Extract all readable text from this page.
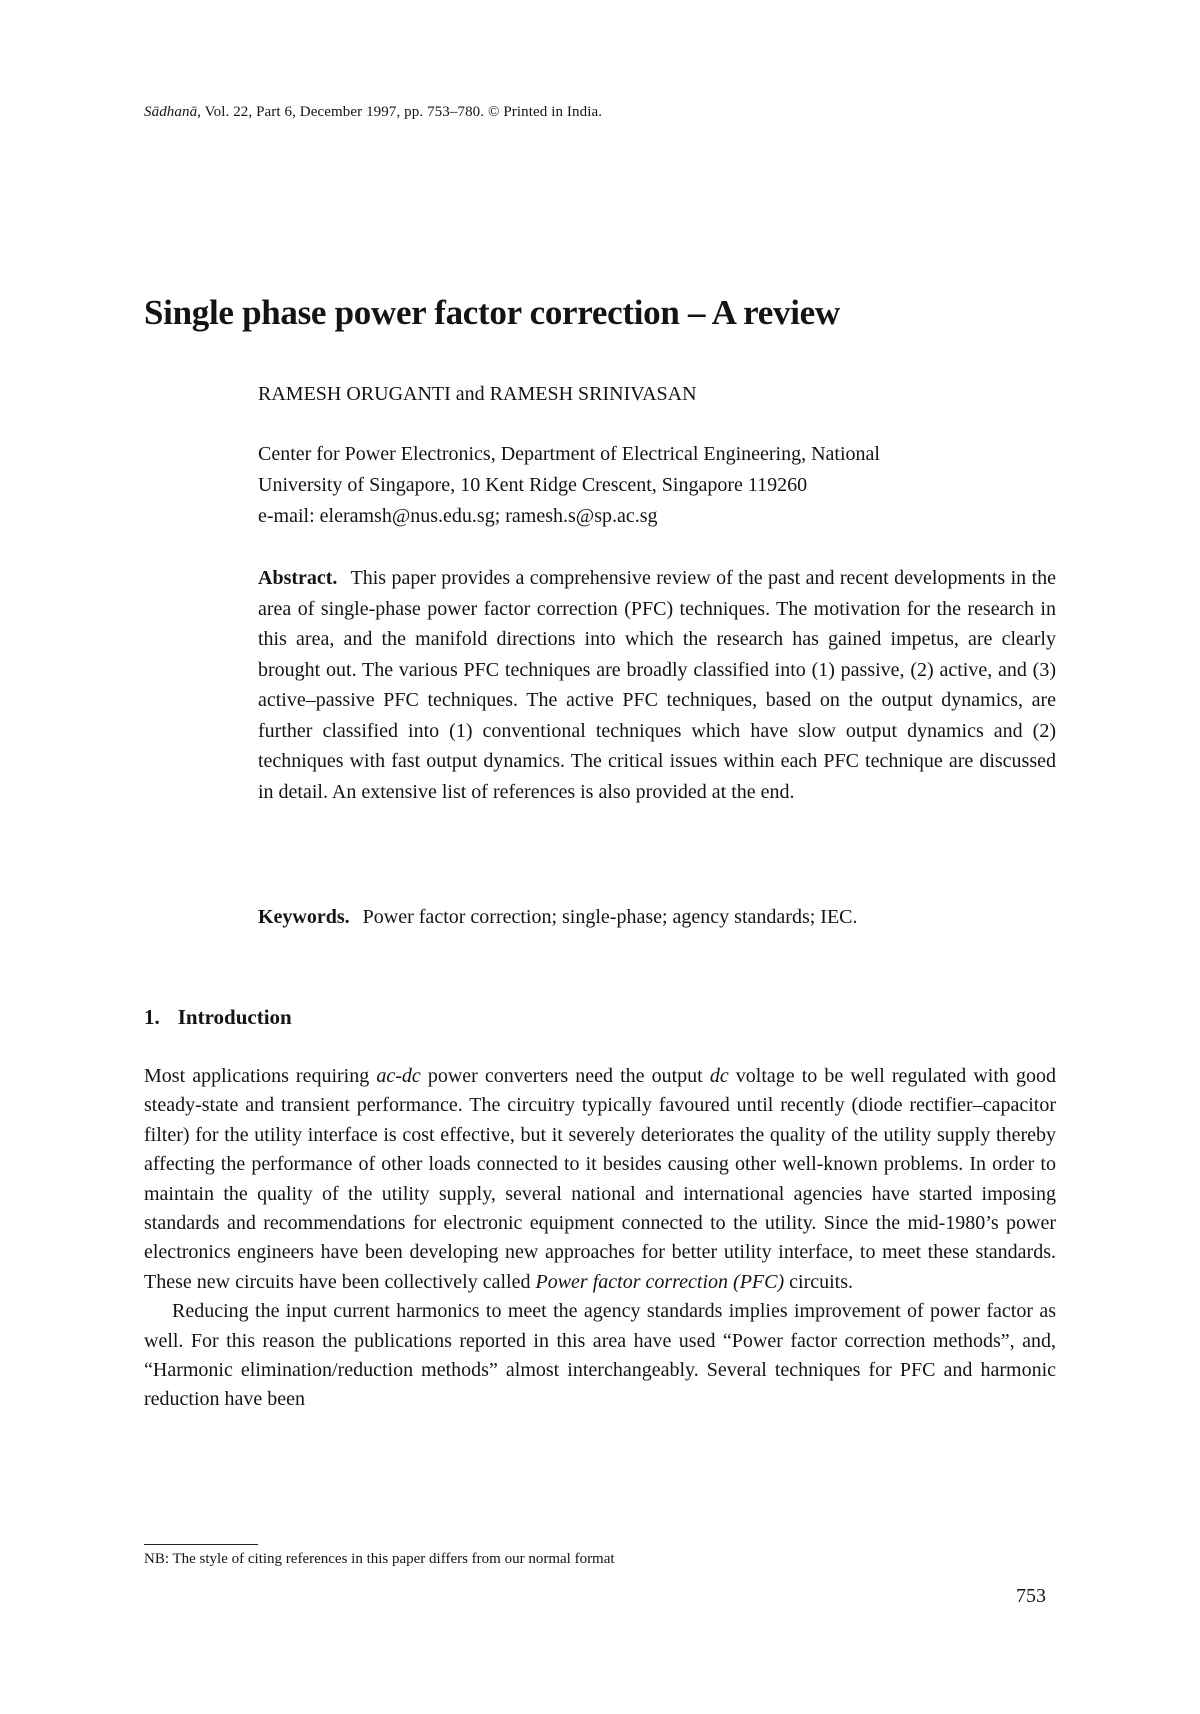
Sādhanā, Vol. 22, Part 6, December 1997, pp. 753–780. © Printed in India.
Single phase power factor correction – A review
RAMESH ORUGANTI and RAMESH SRINIVASAN
Center for Power Electronics, Department of Electrical Engineering, National
University of Singapore, 10 Kent Ridge Crescent, Singapore 119260
e-mail: eleramsh@nus.edu.sg; ramesh.s@sp.ac.sg
Abstract. This paper provides a comprehensive review of the past and recent developments in the area of single-phase power factor correction (PFC) techniques. The motivation for the research in this area, and the manifold directions into which the research has gained impetus, are clearly brought out. The various PFC techniques are broadly classified into (1) passive, (2) active, and (3) active–passive PFC techniques. The active PFC techniques, based on the output dynamics, are further classified into (1) conventional techniques which have slow output dynamics and (2) techniques with fast output dynamics. The critical issues within each PFC technique are discussed in detail. An extensive list of references is also provided at the end.
Keywords. Power factor correction; single-phase; agency standards; IEC.
1. Introduction

Most applications requiring ac-dc power converters need the output dc voltage to be well regulated with good steady-state and transient performance. The circuitry typically favoured until recently (diode rectifier–capacitor filter) for the utility interface is cost effective, but it severely deteriorates the quality of the utility supply thereby affecting the performance of other loads connected to it besides causing other well-known problems. In order to maintain the quality of the utility supply, several national and international agencies have started imposing standards and recommendations for electronic equipment connected to the utility. Since the mid-1980’s power electronics engineers have been developing new approaches for better utility interface, to meet these standards. These new circuits have been collectively called Power factor correction (PFC) circuits.

Reducing the input current harmonics to meet the agency standards implies improvement of power factor as well. For this reason the publications reported in this area have used “Power factor correction methods”, and, “Harmonic elimination/reduction methods” almost interchangeably. Several techniques for PFC and harmonic reduction have been

NB: The style of citing references in this paper differs from our normal format
753
